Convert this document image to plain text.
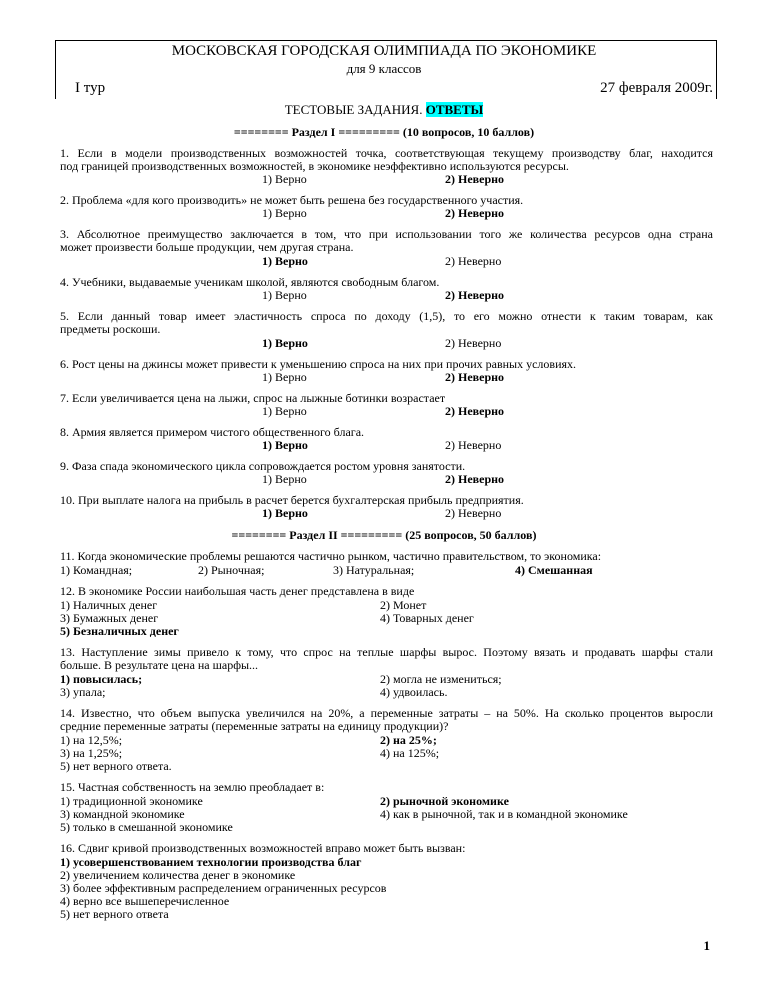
МОСКОВСКАЯ ГОРОДСКАЯ ОЛИМПИАДА ПО ЭКОНОМИКЕ
для 9 классов
I тур	27 февраля 2009г.
ТЕСТОВЫЕ ЗАДАНИЯ. ОТВЕТЫ
======== Раздел I ========= (10 вопросов, 10 баллов)
1. Если в модели производственных возможностей точка, соответствующая текущему производству благ, находится
под границей производственных возможностей, в экономике неэффективно используются ресурсы.
1) Верно	2) Неверно
2. Проблема «для кого производить» не может быть решена без государственного участия.
1) Верно	2) Неверно
3. Абсолютное преимущество заключается в том, что при использовании того же количества ресурсов одна страна
может произвести больше продукции, чем другая страна.
1) Верно	2) Неверно
4. Учебники, выдаваемые ученикам школой, являются свободным благом.
1) Верно	2) Неверно
5. Если данный товар имеет эластичность спроса по доходу (1,5), то его можно отнести к таким товарам, как
предметы роскоши.
1) Верно	2) Неверно
6. Рост цены на джинсы может привести к уменьшению спроса на них при прочих равных условиях.
1) Верно	2) Неверно
7. Если увеличивается цена на лыжи, спрос на лыжные ботинки возрастает
1) Верно	2) Неверно
8. Армия является примером чистого общественного блага.
1) Верно	2) Неверно
9. Фаза спада экономического цикла сопровождается ростом уровня занятости.
1) Верно	2) Неверно
10. При выплате налога на прибыль в расчет берется бухгалтерская прибыль предприятия.
1) Верно	2) Неверно
======== Раздел II ========= (25 вопросов, 50 баллов)
11. Когда экономические проблемы решаются частично рынком, частично правительством, то экономика:
1) Командная;	2) Рыночная;	3) Натуральная;	4) Смешанная
12. В экономике России наибольшая часть денег представлена в виде
1) Наличных денег	2) Монет
3) Бумажных денег	4) Товарных денег
5) Безналичных денег
13. Наступление зимы привело к тому, что спрос на теплые шарфы вырос. Поэтому вязать и продавать шарфы стали
больше. В результате цена на шарфы...
1) повысилась;	2) могла не измениться;
3) упала;	4) удвоилась.
14. Известно, что объем выпуска увеличился на 20%, а переменные затраты – на 50%. На сколько процентов выросли
средние переменные затраты (переменные затраты на единицу продукции)?
1) на 12,5%;	2) на 25%;
3) на 1,25%;	4) на 125%;
5) нет верного ответа.
15. Частная собственность на землю преобладает в:
1) традиционной экономике	2) рыночной экономике
3) командной экономике	4) как в рыночной, так и в командной экономике
5) только в смешанной экономике
16. Сдвиг кривой производственных возможностей вправо может быть вызван:
1) усовершенствованием технологии производства благ
2) увеличением количества денег в экономике
3) более эффективным распределением ограниченных ресурсов
4) верно все вышеперечисленное
5) нет верного ответа
1
